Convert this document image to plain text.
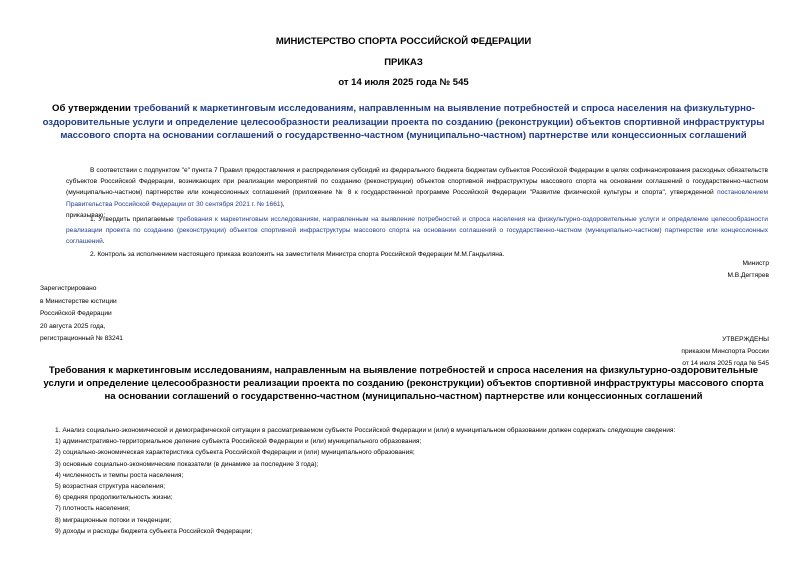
МИНИСТЕРСТВО СПОРТА РОССИЙСКОЙ ФЕДЕРАЦИИ
ПРИКАЗ
от 14 июля 2025 года № 545
Об утверждении требований к маркетинговым исследованиям, направленным на выявление потребностей и спроса населения на физкультурно-оздоровительные услуги и определение целесообразности реализации проекта по созданию (реконструкции) объектов спортивной инфраструктуры массового спорта на основании соглашений о государственно-частном (муниципально-частном) партнерстве или концессионных соглашений

В соответствии с подпунктом "е" пункта 7 Правил предоставления и распределения субсидий из федерального бюджета бюджетам субъектов Российской Федерации в целях софинансирования расходных обязательств субъектов Российской Федерации, возникающих при реализации мероприятий по созданию (реконструкции) объектов спортивной инфраструктуры массового спорта на основании соглашений о государственно-частном (муниципально-частном) партнерстве или концессионных соглашений (приложение № 8 к государственной программе Российской Федерации "Развитие физической культуры и спорта", утвержденной постановлением Правительства Российской Федерации от 30 сентября 2021 г. № 1661),

приказываю:

1. Утвердить прилагаемые требования к маркетинговым исследованиям, направленным на выявление потребностей и спроса населения на физкультурно-оздоровительные услуги и определение целесообразности реализации проекта по созданию (реконструкции) объектов спортивной инфраструктуры массового спорта на основании соглашений о государственно-частном (муниципально-частном) партнерстве или концессионных соглашений.

2. Контроль за исполнением настоящего приказа возложить на заместителя Министра спорта Российской Федерации М.М.Гандыляна.
Министр
М.В.Дегтярев
Зарегистрировано
в Министерстве юстиции
Российской Федерации
20 августа 2025 года,
регистрационный № 83241	УТВЕРЖДЕНЫ
приказом Минспорта России
от 14 июля 2025 года № 545
Требования к маркетинговым исследованиям, направленным на выявление потребностей и спроса населения на физкультурно-оздоровительные услуги и определение целесообразности реализации проекта по созданию (реконструкции) объектов спортивной инфраструктуры массового спорта на основании соглашений о государственно-частном (муниципально-частном) партнерстве или концессионных соглашений
1. Анализ социально-экономической и демографической ситуации в рассматриваемом субъекте Российской Федерации и (или) в муниципальном образовании должен содержать следующие сведения:
1) административно-территориальное деление субъекта Российской Федерации и (или) муниципального образования;
2) социально-экономическая характеристика субъекта Российской Федерации и (или) муниципального образования;
3) основные социально-экономические показатели (в динамике за последние 3 года);
4) численность и темпы роста населения;
5) возрастная структура населения;
6) средняя продолжительность жизни;
7) плотность населения;
8) миграционные потоки и тенденции;
9) доходы и расходы бюджета субъекта Российской Федерации;
